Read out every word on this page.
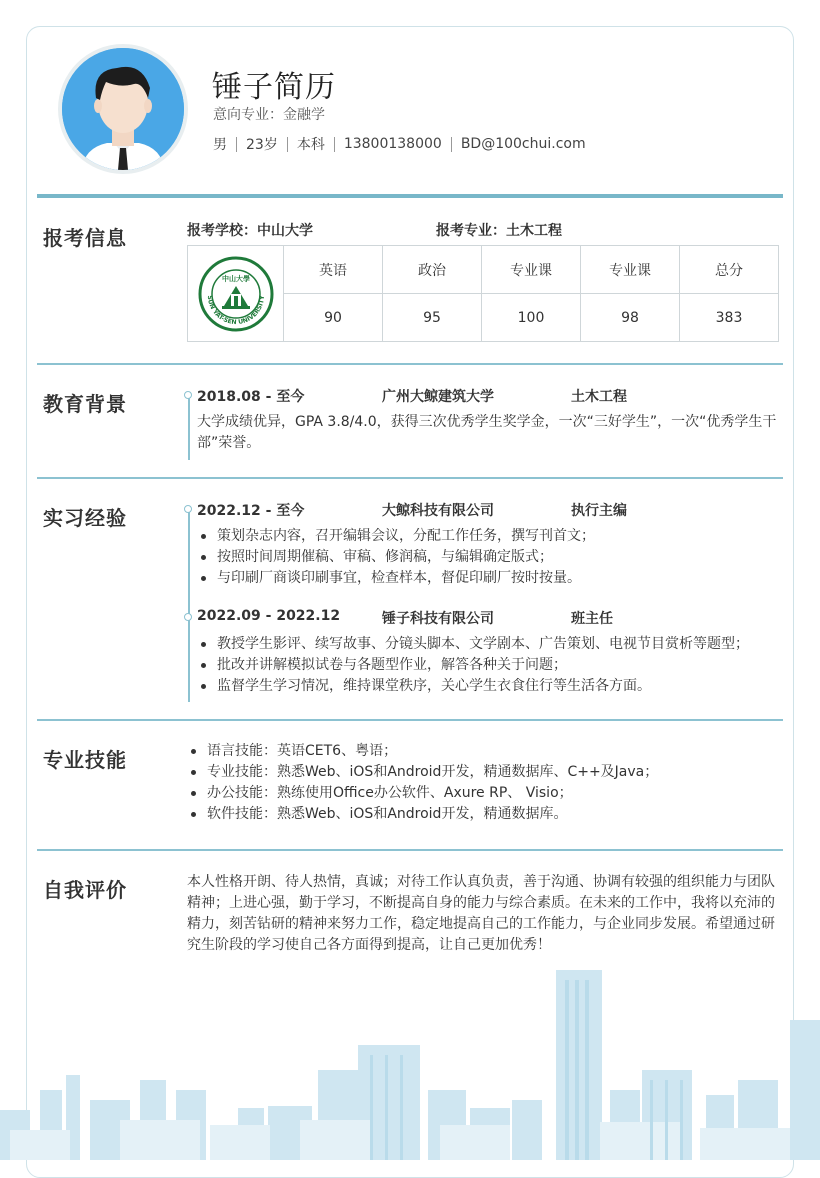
锤子简历
意向专业：金融学
男 23岁 本科 13800138000 BD@100chui.com
报考信息	报考学校：中山大学	报考专业：土木工程
SUN YAT-SEN UNIVERSITY
中山大學	英语	政治	专业课	专业课	总分
	90	95	100	98	383
教育背景	2018.08 - 至今	广州大鲸建筑大学	土木工程
大学成绩优异，GPA 3.8/4.0，获得三次优秀学生奖学金，一次“三好学生”，一次“优秀学生干部”荣誉。
实习经验	2022.12 - 至今	大鲸科技有限公司	执行主编
策划杂志内容，召开编辑会议，分配工作任务，撰写刊首文；
按照时间周期催稿、审稿、修润稿，与编辑确定版式；
与印刷厂商谈印刷事宜，检查样本，督促印刷厂按时按量。
2022.09 - 2022.12	锤子科技有限公司	班主任
教授学生影评、续写故事、分镜头脚本、文学剧本、广告策划、电视节目赏析等题型；
批改并讲解模拟试卷与各题型作业，解答各种关于问题；
监督学生学习情况，维持课堂秩序，关心学生衣食住行等生活各方面。
专业技能	语言技能：英语CET6、粤语；
专业技能：熟悉Web、iOS和Android开发，精通数据库、C++及Java；
办公技能：熟练使用Office办公软件、Axure RP、 Visio；
软件技能：熟悉Web、iOS和Android开发，精通数据库。
自我评价	本人性格开朗、待人热情，真诚；对待工作认真负责，善于沟通、协调有较强的组织能力与团队
精神；上进心强，勤于学习，不断提高自身的能力与综合素质。在未来的工作中，我将以充沛的
精力，刻苦钻研的精神来努力工作，稳定地提高自己的工作能力，与企业同步发展。希望通过研
究生阶段的学习使自己各方面得到提高，让自己更加优秀！
